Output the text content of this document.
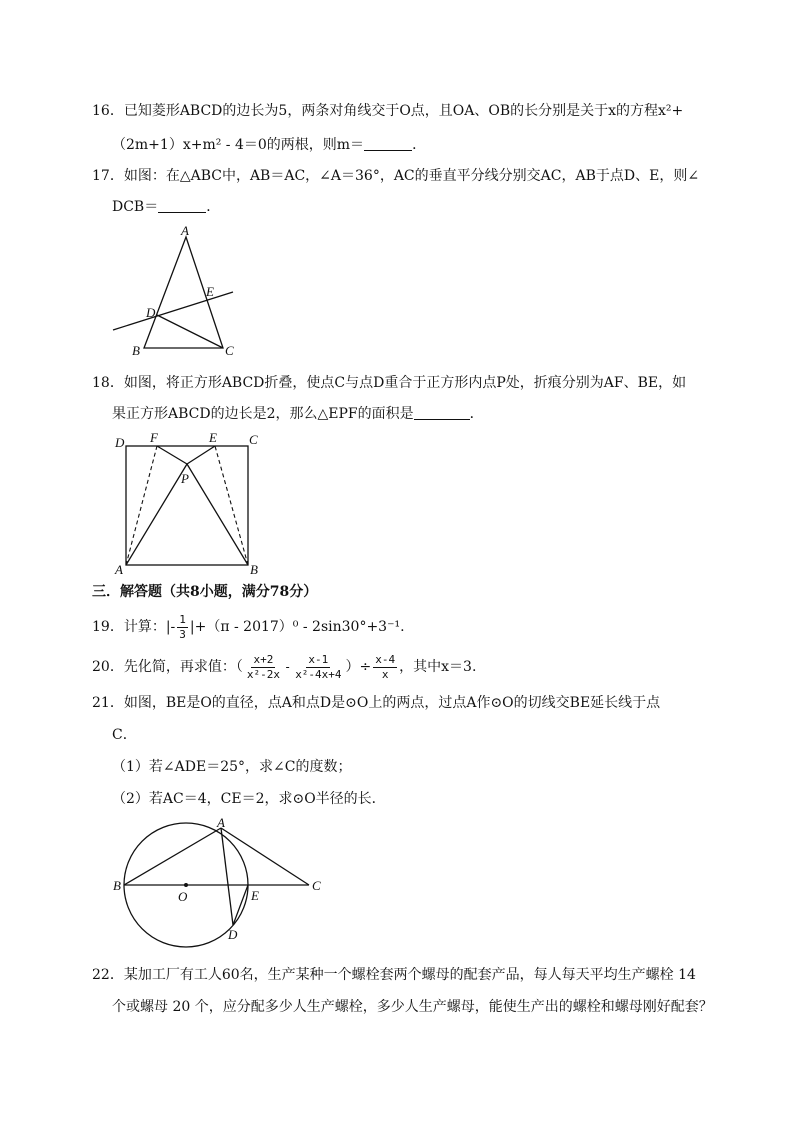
16．已知菱形ABCD的边长为5，两条对角线交于O点，且OA、OB的长分别是关于x的方程x²+
（2m+1）x+m² - 4＝0的两根，则m＝	．
17．如图：在△ABC中，AB＝AC，∠A＝36°，AC的垂直平分线分别交AC，AB于点D、E，则∠
DCB＝	．
A
B	C
D
E
18．如图，将正方形ABCD折叠，使点C与点D重合于正方形内点P处，折痕分别为AF、BE，如
果正方形ABCD的边长是2，那么△EPF的面积是	．
D F	E C
P
A	B
三．解答题（共8小题，满分78分）
19．计算：|- $\frac{1}{3} |+(\pi - 2017)^0 - 2\sin 30^\circ+3^{-1}$.
20．先化简，再求值：（ $\frac{x+2}{\text{x²-2x}} - \frac{x-1}{\text{x²-4x+4}}$ ）÷ $\frac{x-4}{x}$ ，其中x＝3.
21．如图，BE是O的直径，点A和点D是⊙O上的两点，过点A作⊙O的切线交BE延长线于点
C．
（1）若∠ADE＝25°，求∠C的度数；
（2）若AC＝4，CE＝2，求⊙O半径的长．
A
B	C
D
E
O
22．某加工厂有工人60名，生产某种一个螺栓套两个螺母的配套产品，每人每天平均生产螺栓 14
个或螺母 20 个，应分配多少人生产螺栓，多少人生产螺母，能使生产出的螺栓和螺母刚好配套？
